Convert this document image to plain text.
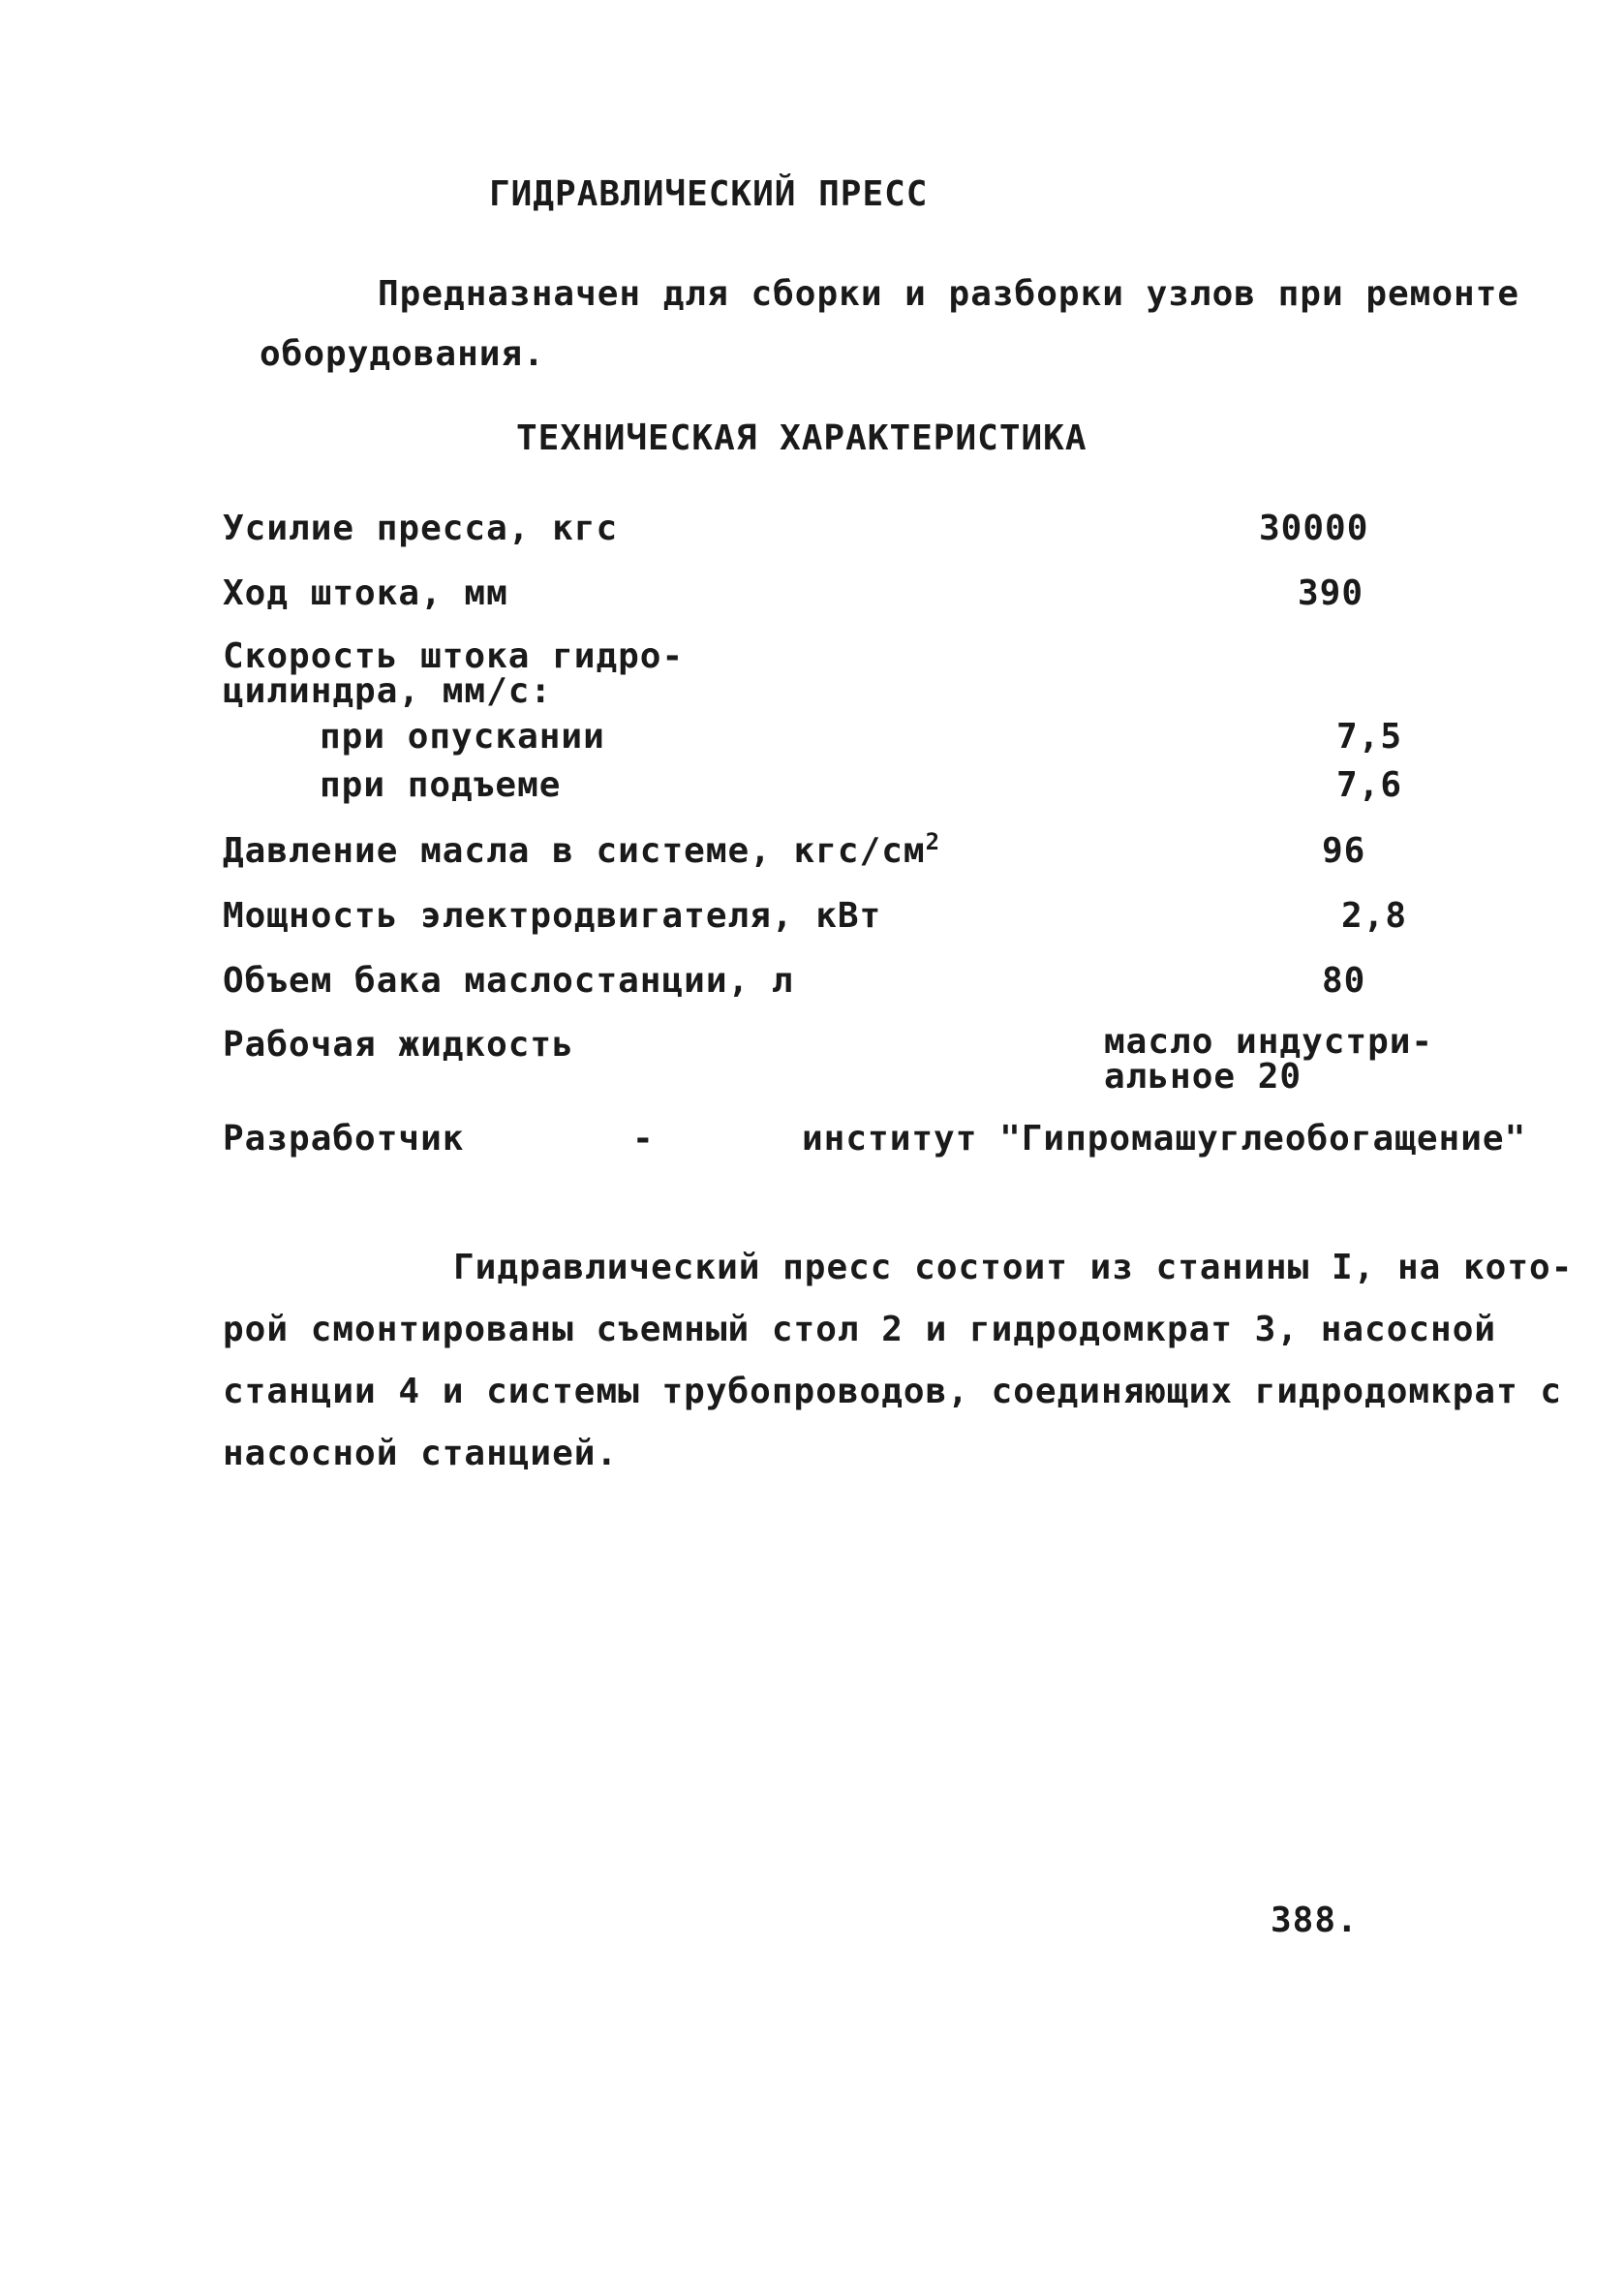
ГИДРАВЛИЧЕСКИЙ ПРЕСС
Предназначен для сборки и разборки узлов при ремонте
оборудования.
ТЕХНИЧЕСКАЯ ХАРАКТЕРИСТИКА
Усилие пресса, кгс	30000
Ход штока, мм	390
Скорость штока гидро-
цилиндра, мм/с:
при опускании	7,5
при подъеме	7,6
Давление масла в системе, кгс/$см^2$	96
Мощность электродвигателя, кВт	2,8
Объем бака маслостанции, л	80
Рабочая жидкость	масло индустри-
альное 20
Разработчик	-	институт "Гипромашуглеобогащение"
Гидравлический пресс состоит из станины I, на кото-
рой смонтированы съемный стол 2 и гидродомкрат 3, насосной
станции 4 и системы трубопроводов, соединяющих гидродомкрат с
насосной станцией.
388.
